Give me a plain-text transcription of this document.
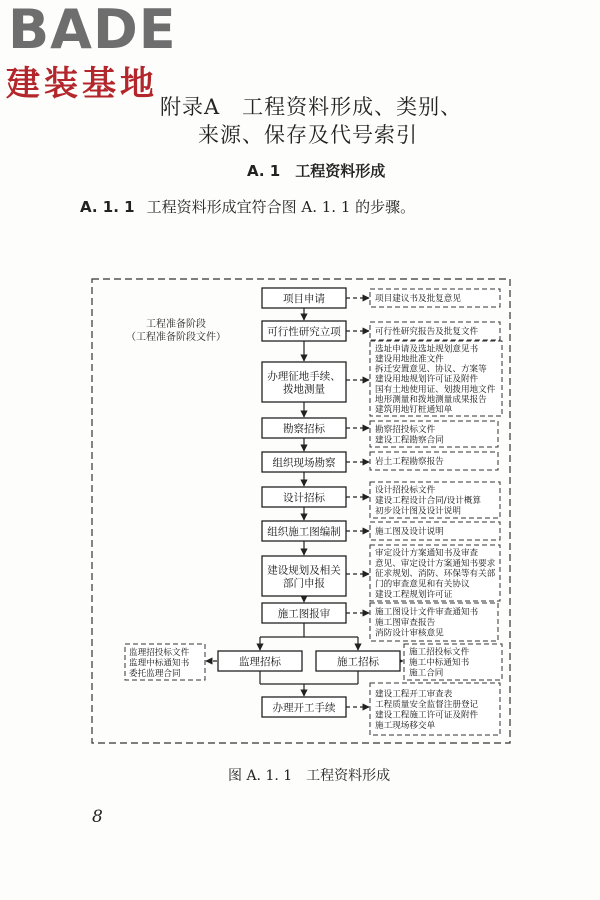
BADE
建装基地
附录A　工程资料形成、类别、
来源、保存及代号索引
A. 1　工程资料形成
A. 1. 1 工程资料形成宜符合图 A. 1. 1 的步骤。
项目申请
可行性研究立项
办理征地手续、
拨地测量
勘察招标
组织现场勘察
设计招标
组织施工图编制
建设规划及相关
部门申报
施工图报审
监理招标	施工招标
办理开工手续
项目建议书及批复意见
可行性研究报告及批复文件
选址申请及选址规划意见书
建设用地批准文件
拆迁安置意见、协议、方案等
建设用地规划许可证及附件
国有土地使用证、划拨用地文件
地形测量和拨地测量成果报告
建筑用地钉桩通知单
勘察招投标文件
建设工程勘察合同
岩土工程勘察报告
设计招投标文件
建设工程设计合同/设计概算
初步设计图及设计说明
施工图及设计说明
审定设计方案通知书及审查
意见、审定设计方案通知书要求
征求规划、消防、环保等有关部
门的审查意见和有关协议
建设工程规划许可证
施工图设计文件审查通知书
施工图审查报告
消防设计审核意见
施工招投标文件
施工中标通知书
施工合同
建设工程开工审查表
工程质量安全监督注册登记
建设工程施工许可证及附件
施工现场移交单
监理招投标文件
监理中标通知书
委托监理合同
工程准备阶段
（工程准备阶段文件）
图 A. 1. 1　工程资料形成
8
